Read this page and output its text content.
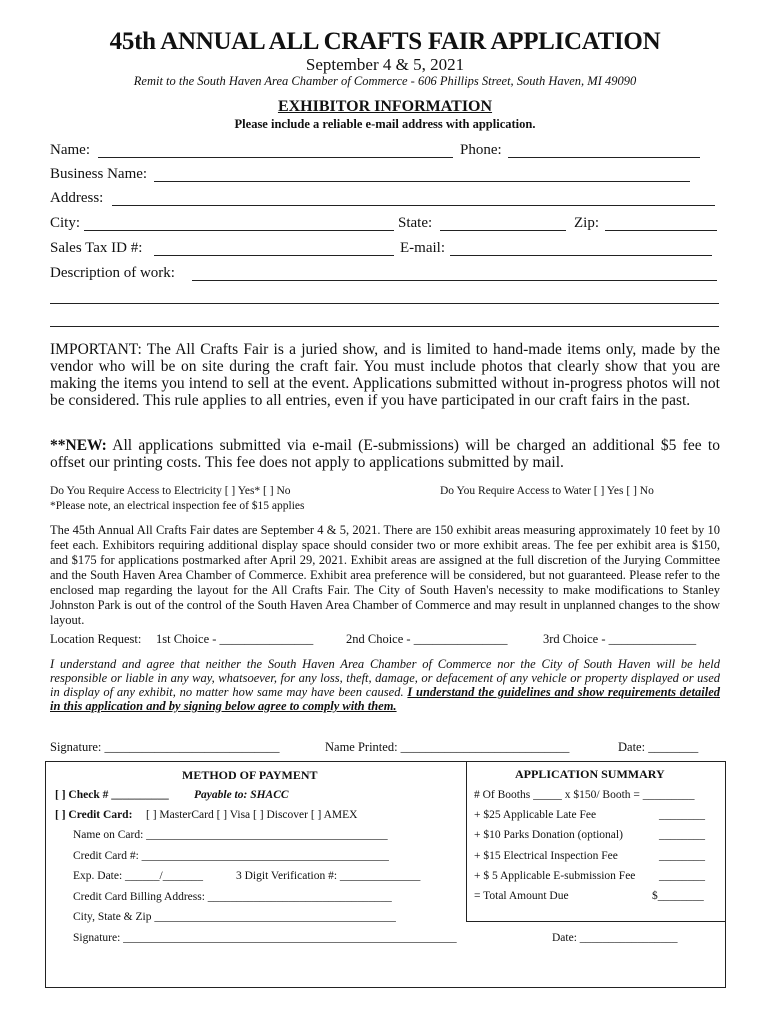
45th ANNUAL ALL CRAFTS FAIR APPLICATION
September 4 & 5, 2021
Remit to the South Haven Area Chamber of Commerce - 606 Phillips Street, South Haven, MI 49090
EXHIBITOR INFORMATION
Please include a reliable e-mail address with application.
Name:	Phone:
Business Name:
Address:
City:	State:	Zip:
Sales Tax ID #:	E-mail:
Description of work:
IMPORTANT: The All Crafts Fair is a juried show, and is limited to hand-made items only, made by the vendor who will be on site during the craft fair. You must include photos that clearly show that you are making the items you intend to sell at the event. Applications submitted without in-progress photos will not be considered. This rule applies to all entries, even if you have participated in our craft fairs in the past.
**NEW: All applications submitted via e-mail (E-submissions) will be charged an additional $5 fee to offset our printing costs. This fee does not apply to applications submitted by mail.
Do You Require Access to Electricity [ ] Yes* [ ] No
*Please note, an electrical inspection fee of $15 applies
Do You Require Access to Water [ ] Yes [ ] No
The 45th Annual All Crafts Fair dates are September 4 & 5, 2021. There are 150 exhibit areas measuring approximately 10 feet by 10 feet each. Exhibitors requiring additional display space should consider two or more exhibit areas. The fee per exhibit area is $150, and $175 for applications postmarked after April 29, 2021. Exhibit areas are assigned at the full discretion of the Jurying Committee and the South Haven Area Chamber of Commerce. Exhibit area preference will be considered, but not guaranteed. Please refer to the enclosed map regarding the layout for the All Crafts Fair. The City of South Haven's necessity to make modifications to Stanley Johnston Park is out of the control of the South Haven Area Chamber of Commerce and may result in unplanned changes to the show layout.
Location Request: 1st Choice - _______________	2nd Choice - _______________	3rd Choice - ______________
I understand and agree that neither the South Haven Area Chamber of Commerce nor the City of South Haven will be held responsible or liable in any way, whatsoever, for any loss, theft, damage, or defacement of any vehicle or property displayed or used in display of any exhibit, no matter how same may have been caused. I understand the guidelines and show requirements detailed in this application and by signing below agree to comply with them.
Signature: ____________________________	Name Printed: ___________________________	Date: ________
METHOD OF PAYMENT
[ ] Check # __________ Payable to: SHACC
[ ] Credit Card: [ ] MasterCard [ ] Visa [ ] Discover [ ] AMEX
Name on Card: __________________________________________
Credit Card #: ___________________________________________
Exp. Date: ______/_______	3 Digit Verification #: ______________
Credit Card Billing Address: ________________________________
City, State & Zip __________________________________________
Signature: __________________________________________________________	Date: _________________
APPLICATION SUMMARY
# Of Booths _____ x $150/ Booth = _________
+ $25 Applicable Late Fee	________
+ $10 Parks Donation (optional)	________
+ $15 Electrical Inspection Fee	________
+ $ 5 Applicable E-submission Fee ________
= Total Amount Due	$________
